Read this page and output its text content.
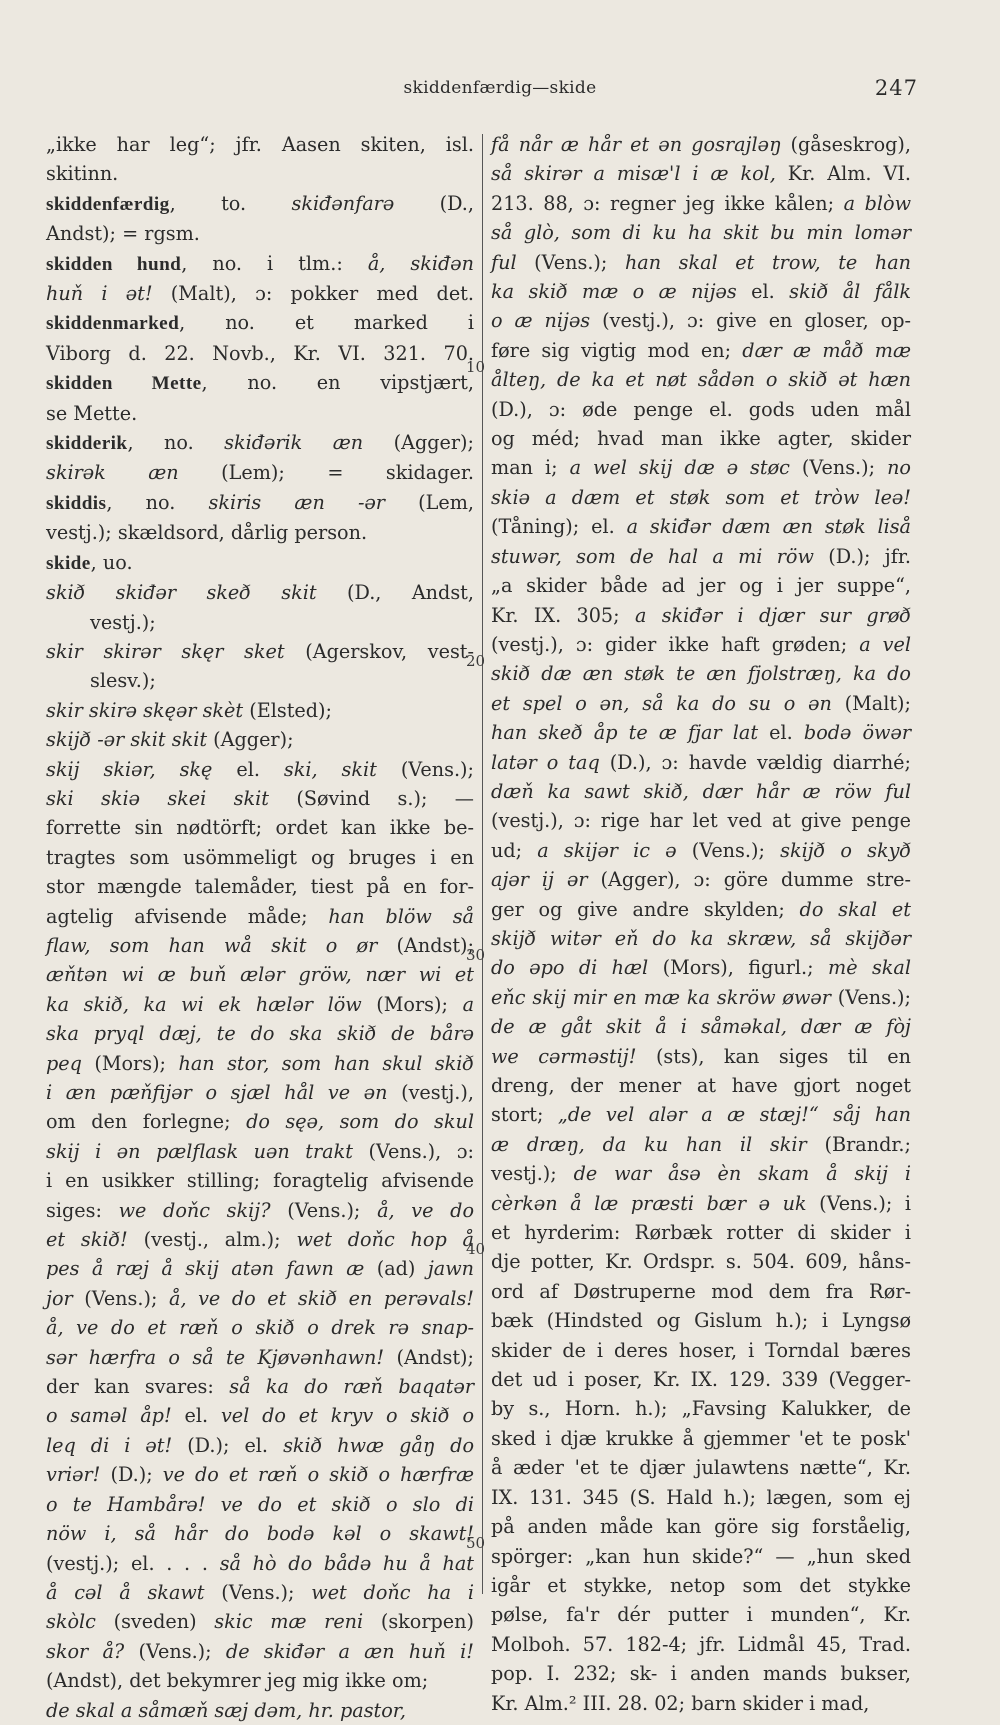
skiddenfærdig—skide	247
„ikke har leg“; jfr. Aasen skiten, isl.
skitinn.
skiddenfærdig, to. skiđənfarə (D.,
Andst); = rgsm.
skidden hund, no. i tlm.: å, skiđən
huň i ət! (Malt), ɔ: pokker med det.
skiddenmarked, no. et marked i
Viborg d. 22. Novb., Kr. VI. 321. 70.
skidden Mette, no. en vipstjært,
se Mette.
skidderik, no. skiđərik æn (Agger);
skirək æn (Lem); = skidager.
skiddis, no. skiris æn -ər (Lem,
vestj.); skældsord, dårlig person.
skide, uo.
skið skiđər skeð skit (D., Andst,
vestj.);
skir skirər skęr sket (Agerskov, vest-
slesv.);
skir skirə skęər skèt (Elsted);
skijð -ər skit skit (Agger);
skij skiər, skę el. ski, skit (Vens.);
ski skiə skei skit (Søvind s.); —
forrette sin nødtörft; ordet kan ikke be-
tragtes som usömmeligt og bruges i en
stor mængde talemåder, tiest på en for-
agtelig afvisende måde; han blöw så
flaw, som han wå skit o ør (Andst);
æňtən wi æ buň ælər gröw, nær wi et
ka skið, ka wi ek hælər löw (Mors); a
ska pryql dæj, te do ska skið de bårə
peq (Mors); han stor, som han skul skið
i æn pæňfijər o sjæl hål ve ən (vestj.),
om den forlegne; do sęə, som do skul
skij i ən pælflask uən trakt (Vens.), ɔ:
i en usikker stilling; foragtelig afvisende
siges: we doňc skij? (Vens.); å, ve do
et skið! (vestj., alm.); wet doňc hop å
pes å ræj å skij atən fawn æ (ad) jawn
jor (Vens.); å, ve do et skið en perəvals!
å, ve do et ræň o skið o drek rə snap-
sər hærfra o så te Kjøvənhawn! (Andst);
der kan svares: så ka do ræň baqatər
o saməl åp! el. vel do et kryv o skið o
leq di i ət! (D.); el. skið hwæ gåŋ do
vriər! (D.); ve do et ræň o skið o hærfræ
o te Hambårə! ve do et skið o slo di
nöw i, så hår do bodə kəl o skawt!
(vestj.); el. . . . så hò do bådə hu å hat
å cəl å skawt (Vens.); wet doňc ha i
skòlc (sveden) skic mæ reni (skorpen)
skor å? (Vens.); de skiđər a æn huň i!
(Andst), det bekymrer jeg mig ikke om;
de skal a såmæň sæj dəm, hr. pastor,
få når æ hår et ən gosrajləŋ (gåseskrog),
så skirər a misæ'l i æ kol, Kr. Alm. VI.
213. 88, ɔ: regner jeg ikke kålen; a blòw
så glò, som di ku ha skit bu min lomər
ful (Vens.); han skal et trow, te han
ka skið mæ o æ nijəs el. skið ål fålk
o æ nijəs (vestj.), ɔ: give en gloser, op-
føre sig vigtig mod en; dær æ måð mæ
ålteŋ, de ka et nøt sådən o skið ət hæn
(D.), ɔ: øde penge el. gods uden mål
og méd; hvad man ikke agter, skider
man i; a wel skij dæ ə støc (Vens.); no
skiə a dæm et støk som et tròw leə!
(Tåning); el. a skiđər dæm æn støk liså
stuwər, som de hal a mi röw (D.); jfr.
„a skider både ad jer og i jer suppe“,
Kr. IX. 305; a skiđər i djær sur grøð
(vestj.), ɔ: gider ikke haft grøden; a vel
skið dæ æn støk te æn fjolstræŋ, ka do
et spel o ən, så ka do su o ən (Malt);
han skeð åp te æ fjar lat el. bodə öwər
latər o taq (D.), ɔ: havde vældig diarrhé;
dæň ka sawt skið, dær hår æ röw ful
(vestj.), ɔ: rige har let ved at give penge
ud; a skijər ic ə (Vens.); skijð o skyð
ajər ij ər (Agger), ɔ: göre dumme stre-
ger og give andre skylden; do skal et
skijð witər eň do ka skræw, så skijðər
do əpo di hæl (Mors), figurl.; mè skal
eňc skij mir en mæ ka skröw øwər (Vens.);
de æ gåt skit å i såməkal, dær æ fòj
we cərməstij! (sts), kan siges til en
dreng, der mener at have gjort noget
stort; „de vel alər a æ stæj!“ såj han
æ dræŋ, da ku han il skir (Brandr.;
vestj.); de war åsə èn skam å skij i
cèrkən å læ præsti bær ə uk (Vens.); i
et hyrderim: Rørbæk rotter di skider i
dje potter, Kr. Ordspr. s. 504. 609, håns-
ord af Døstruperne mod dem fra Rør-
bæk (Hindsted og Gislum h.); i Lyngsø
skider de i deres hoser, i Torndal bæres
det ud i poser, Kr. IX. 129. 339 (Vegger-
by s., Horn. h.); „Favsing Kalukker, de
sked i djæ krukke å gjemmer 'et te posk'
å æder 'et te djær julawtens nætte“, Kr.
IX. 131. 345 (S. Hald h.); lægen, som ej
på anden måde kan göre sig forståelig,
spörger: „kan hun skide?“ — „hun sked
igår et stykke, netop som det stykke
pølse, fa'r dér putter i munden“, Kr.
Molboh. 57. 182-4; jfr. Lidmål 45, Trad.
pop. I. 232; sk- i anden mands bukser,
Kr. Alm.² III. 28. 02; barn skider i mad,
10
20
30
40
50
